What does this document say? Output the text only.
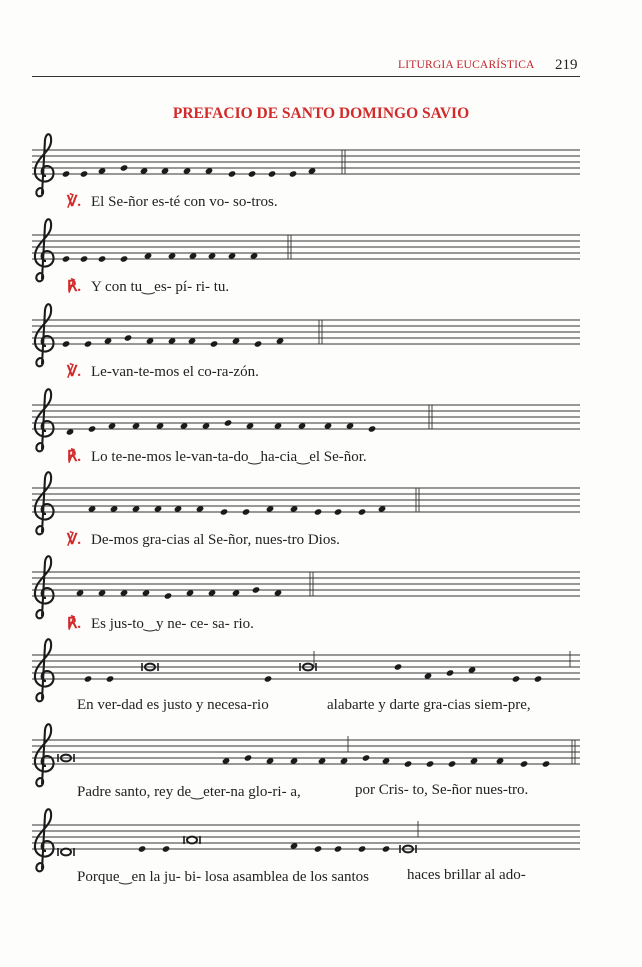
LITURGIA EUCARÍSTICA 219
PREFACIO DE SANTO DOMINGO SAVIO
℣. El Se-ñor es-té con vo- so-tros.
℟. Y con tu‿es- pí- ri- tu.
℣. Le-van-te-mos el co-ra-zón.
℟. Lo te-ne-mos le-van-ta-do‿ha-cia‿el Se-ñor.
℣. De-mos gra-cias al Se-ñor, nues-tro Dios.
℟. Es jus-to‿y ne- ce- sa- rio.
En ver-dad es justo y necesa-rio	alabarte y darte gra-cias siem-pre,
Padre santo, rey de‿eter-na glo-ri- a,	por Cris- to, Se-ñor nues-tro.
Porque‿en la ju- bi- losa asamblea de los santos	haces brillar al ado-
